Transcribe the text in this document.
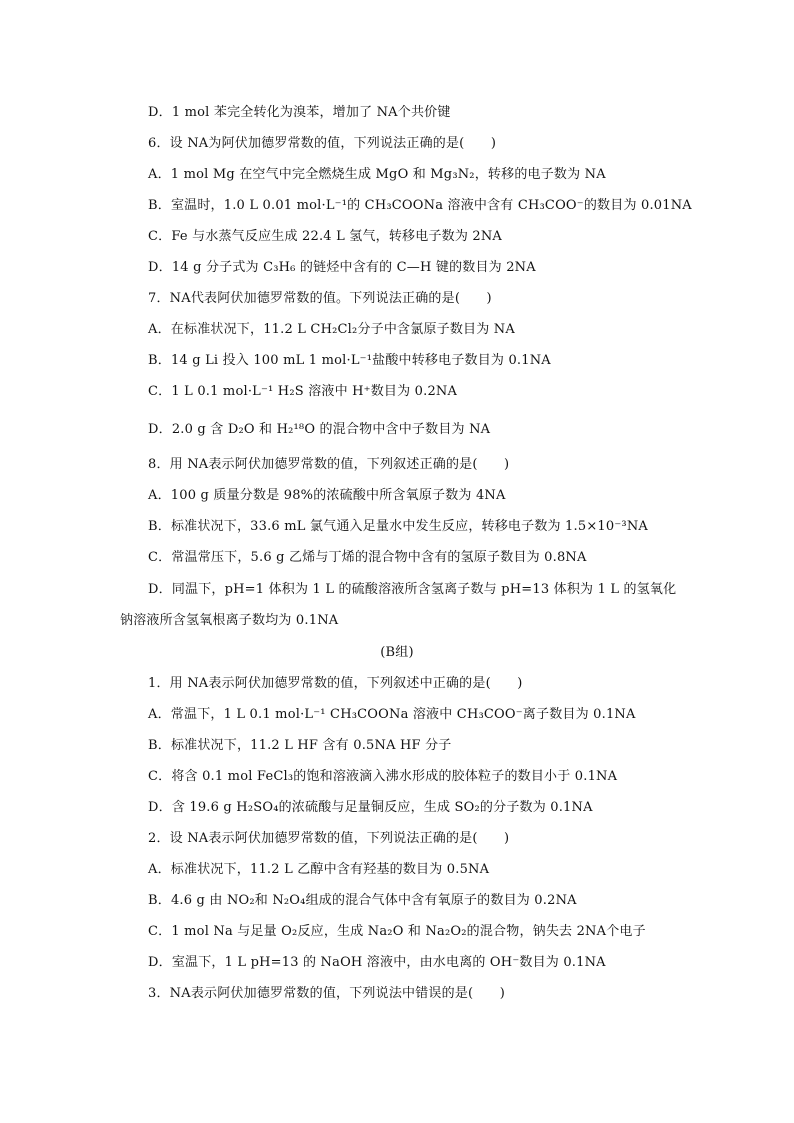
D．1 mol 苯完全转化为溴苯，增加了 NA个共价键
6．设 NA为阿伏加德罗常数的值，下列说法正确的是(　　)
A．1 mol Mg 在空气中完全燃烧生成 MgO 和 Mg₃N₂，转移的电子数为 NA
B．室温时，1.0 L 0.01 mol·L⁻¹的 CH₃COONa 溶液中含有 CH₃COO⁻的数目为 0.01NA
C．Fe 与水蒸气反应生成 22.4 L 氢气，转移电子数为 2NA
D．14 g 分子式为 C₃H₆ 的链烃中含有的 C—H 键的数目为 2NA
7．NA代表阿伏加德罗常数的值。下列说法正确的是(　　)
A．在标准状况下，11.2 L CH₂Cl₂分子中含氯原子数目为 NA
B．14 g Li 投入 100 mL 1 mol·L⁻¹盐酸中转移电子数目为 0.1NA
C．1 L 0.1 mol·L⁻¹ H₂S 溶液中 H⁺数目为 0.2NA
D．2.0 g 含 D₂O 和 H₂¹⁸O 的混合物中含中子数目为 NA
8．用 NA表示阿伏加德罗常数的值，下列叙述正确的是(　　)
A．100 g 质量分数是 98%的浓硫酸中所含氧原子数为 4NA
B．标准状况下，33.6 mL 氯气通入足量水中发生反应，转移电子数为 1.5×10⁻³NA
C．常温常压下，5.6 g 乙烯与丁烯的混合物中含有的氢原子数目为 0.8NA
D．同温下，pH=1 体积为 1 L 的硫酸溶液所含氢离子数与 pH=13 体积为 1 L 的氢氧化
钠溶液所含氢氧根离子数均为 0.1NA
(B组)
1．用 NA表示阿伏加德罗常数的值，下列叙述中正确的是(　　)
A．常温下，1 L 0.1 mol·L⁻¹ CH₃COONa 溶液中 CH₃COO⁻离子数目为 0.1NA
B．标准状况下，11.2 L HF 含有 0.5NA HF 分子
C．将含 0.1 mol FeCl₃的饱和溶液滴入沸水形成的胶体粒子的数目小于 0.1NA
D．含 19.6 g H₂SO₄的浓硫酸与足量铜反应，生成 SO₂的分子数为 0.1NA
2．设 NA表示阿伏加德罗常数的值，下列说法正确的是(　　)
A．标准状况下，11.2 L 乙醇中含有羟基的数目为 0.5NA
B．4.6 g 由 NO₂和 N₂O₄组成的混合气体中含有氧原子的数目为 0.2NA
C．1 mol Na 与足量 O₂反应，生成 Na₂O 和 Na₂O₂的混合物，钠失去 2NA个电子
D．室温下，1 L pH=13 的 NaOH 溶液中，由水电离的 OH⁻数目为 0.1NA
3．NA表示阿伏加德罗常数的值，下列说法中错误的是(　　)
